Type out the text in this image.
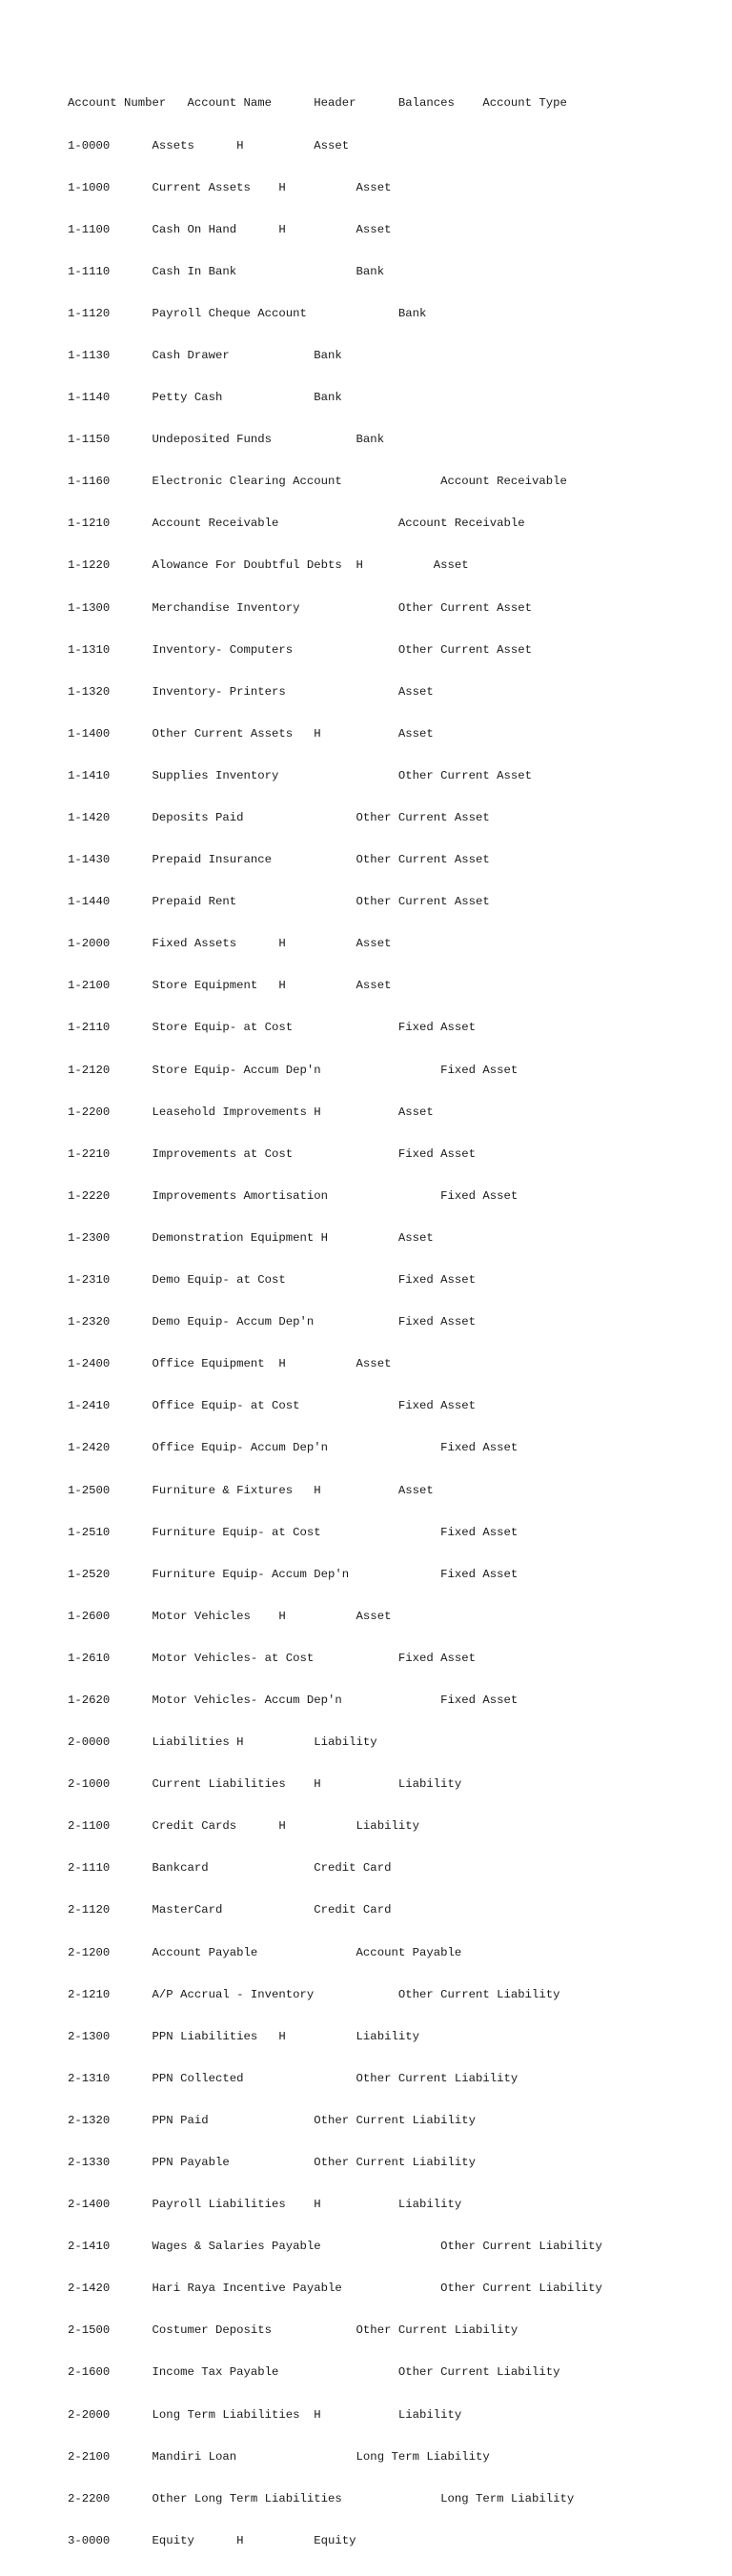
Account Number   Account Name      Header      Balances    Account Type

1-0000      Assets      H          Asset

1-1000      Current Assets    H          Asset

1-1100      Cash On Hand      H          Asset

1-1110      Cash In Bank                 Bank

1-1120      Payroll Cheque Account             Bank

1-1130      Cash Drawer            Bank

1-1140      Petty Cash             Bank

1-1150      Undeposited Funds            Bank

1-1160      Electronic Clearing Account              Account Receivable

1-1210      Account Receivable                 Account Receivable

1-1220      Alowance For Doubtful Debts  H          Asset

1-1300      Merchandise Inventory              Other Current Asset

1-1310      Inventory- Computers               Other Current Asset

1-1320      Inventory- Printers                Asset

1-1400      Other Current Assets   H           Asset

1-1410      Supplies Inventory                 Other Current Asset

1-1420      Deposits Paid                Other Current Asset

1-1430      Prepaid Insurance            Other Current Asset

1-1440      Prepaid Rent                 Other Current Asset

1-2000      Fixed Assets      H          Asset

1-2100      Store Equipment   H          Asset

1-2110      Store Equip- at Cost               Fixed Asset

1-2120      Store Equip- Accum Dep'n                 Fixed Asset

1-2200      Leasehold Improvements H           Asset

1-2210      Improvements at Cost               Fixed Asset

1-2220      Improvements Amortisation                Fixed Asset

1-2300      Demonstration Equipment H          Asset

1-2310      Demo Equip- at Cost                Fixed Asset

1-2320      Demo Equip- Accum Dep'n            Fixed Asset

1-2400      Office Equipment  H          Asset

1-2410      Office Equip- at Cost              Fixed Asset

1-2420      Office Equip- Accum Dep'n                Fixed Asset

1-2500      Furniture & Fixtures   H           Asset

1-2510      Furniture Equip- at Cost                 Fixed Asset

1-2520      Furniture Equip- Accum Dep'n             Fixed Asset

1-2600      Motor Vehicles    H          Asset

1-2610      Motor Vehicles- at Cost            Fixed Asset

1-2620      Motor Vehicles- Accum Dep'n              Fixed Asset

2-0000      Liabilities H          Liability

2-1000      Current Liabilities    H           Liability

2-1100      Credit Cards      H          Liability

2-1110      Bankcard               Credit Card

2-1120      MasterCard             Credit Card

2-1200      Account Payable              Account Payable

2-1210      A/P Accrual - Inventory            Other Current Liability

2-1300      PPN Liabilities   H          Liability

2-1310      PPN Collected                Other Current Liability

2-1320      PPN Paid               Other Current Liability

2-1330      PPN Payable            Other Current Liability

2-1400      Payroll Liabilities    H           Liability

2-1410      Wages & Salaries Payable                 Other Current Liability

2-1420      Hari Raya Incentive Payable              Other Current Liability

2-1500      Costumer Deposits            Other Current Liability

2-1600      Income Tax Payable                 Other Current Liability

2-2000      Long Term Liabilities  H           Liability

2-2100      Mandiri Loan                 Long Term Liability

2-2200      Other Long Term Liabilities              Long Term Liability

3-0000      Equity      H          Equity
